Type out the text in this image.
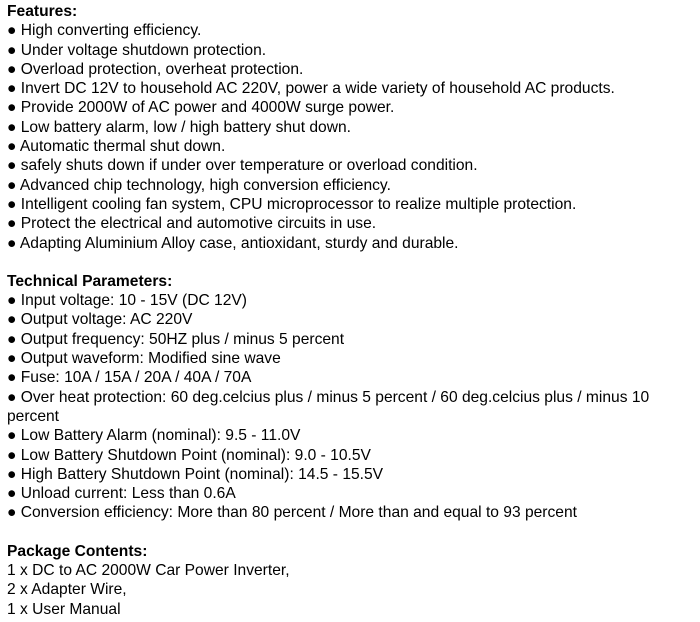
Features:

● High converting efficiency.

● Under voltage shutdown protection.

● Overload protection, overheat protection.

● Invert DC 12V to household AC 220V, power a wide variety of household AC products.

● Provide 2000W of AC power and 4000W surge power.

● Low battery alarm, low / high battery shut down.

● Automatic thermal shut down.

● safely shuts down if under over temperature or overload condition.

● Advanced chip technology, high conversion efficiency.

● Intelligent cooling fan system, CPU microprocessor to realize multiple protection.

● Protect the electrical and automotive circuits in use.

● Adapting Aluminium Alloy case, antioxidant, sturdy and durable.

Technical Parameters:

● Input voltage: 10 - 15V (DC 12V)

● Output voltage: AC 220V

● Output frequency: 50HZ plus / minus 5 percent

● Output waveform: Modified sine wave

● Fuse: 10A / 15A / 20A / 40A / 70A

● Over heat protection: 60 deg.celcius plus / minus 5 percent / 60 deg.celcius plus / minus 10 percent

● Low Battery Alarm (nominal): 9.5 - 11.0V

● Low Battery Shutdown Point (nominal): 9.0 - 10.5V

● High Battery Shutdown Point (nominal): 14.5 - 15.5V

● Unload current: Less than 0.6A

● Conversion efficiency: More than 80 percent / More than and equal to 93 percent

Package Contents:

1 x DC to AC 2000W Car Power Inverter,

2 x Adapter Wire,

1 x User Manual
